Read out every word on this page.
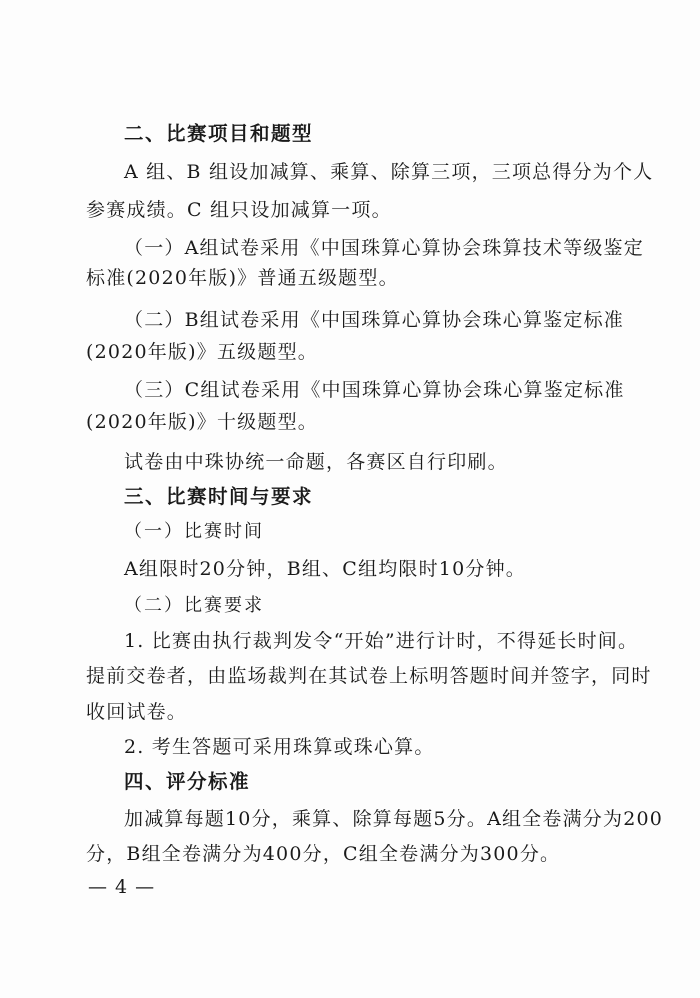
二、比赛项目和题型
A 组、B 组设加减算、乘算、除算三项，三项总得分为个人
参赛成绩。C 组只设加减算一项。
（一）A组试卷采用《中国珠算心算协会珠算技术等级鉴定
标准(2020年版)》普通五级题型。
（二）B组试卷采用《中国珠算心算协会珠心算鉴定标准
(2020年版)》五级题型。
（三）C组试卷采用《中国珠算心算协会珠心算鉴定标准
(2020年版)》十级题型。
试卷由中珠协统一命题，各赛区自行印刷。
三、比赛时间与要求
（一）比赛时间
A组限时20分钟，B组、C组均限时10分钟。
（二）比赛要求
1. 比赛由执行裁判发令“开始”进行计时，不得延长时间。
提前交卷者，由监场裁判在其试卷上标明答题时间并签字，同时
收回试卷。
2. 考生答题可采用珠算或珠心算。
四、评分标准
加减算每题10分，乘算、除算每题5分。A组全卷满分为200
分，B组全卷满分为400分，C组全卷满分为300分。
— 4 —
